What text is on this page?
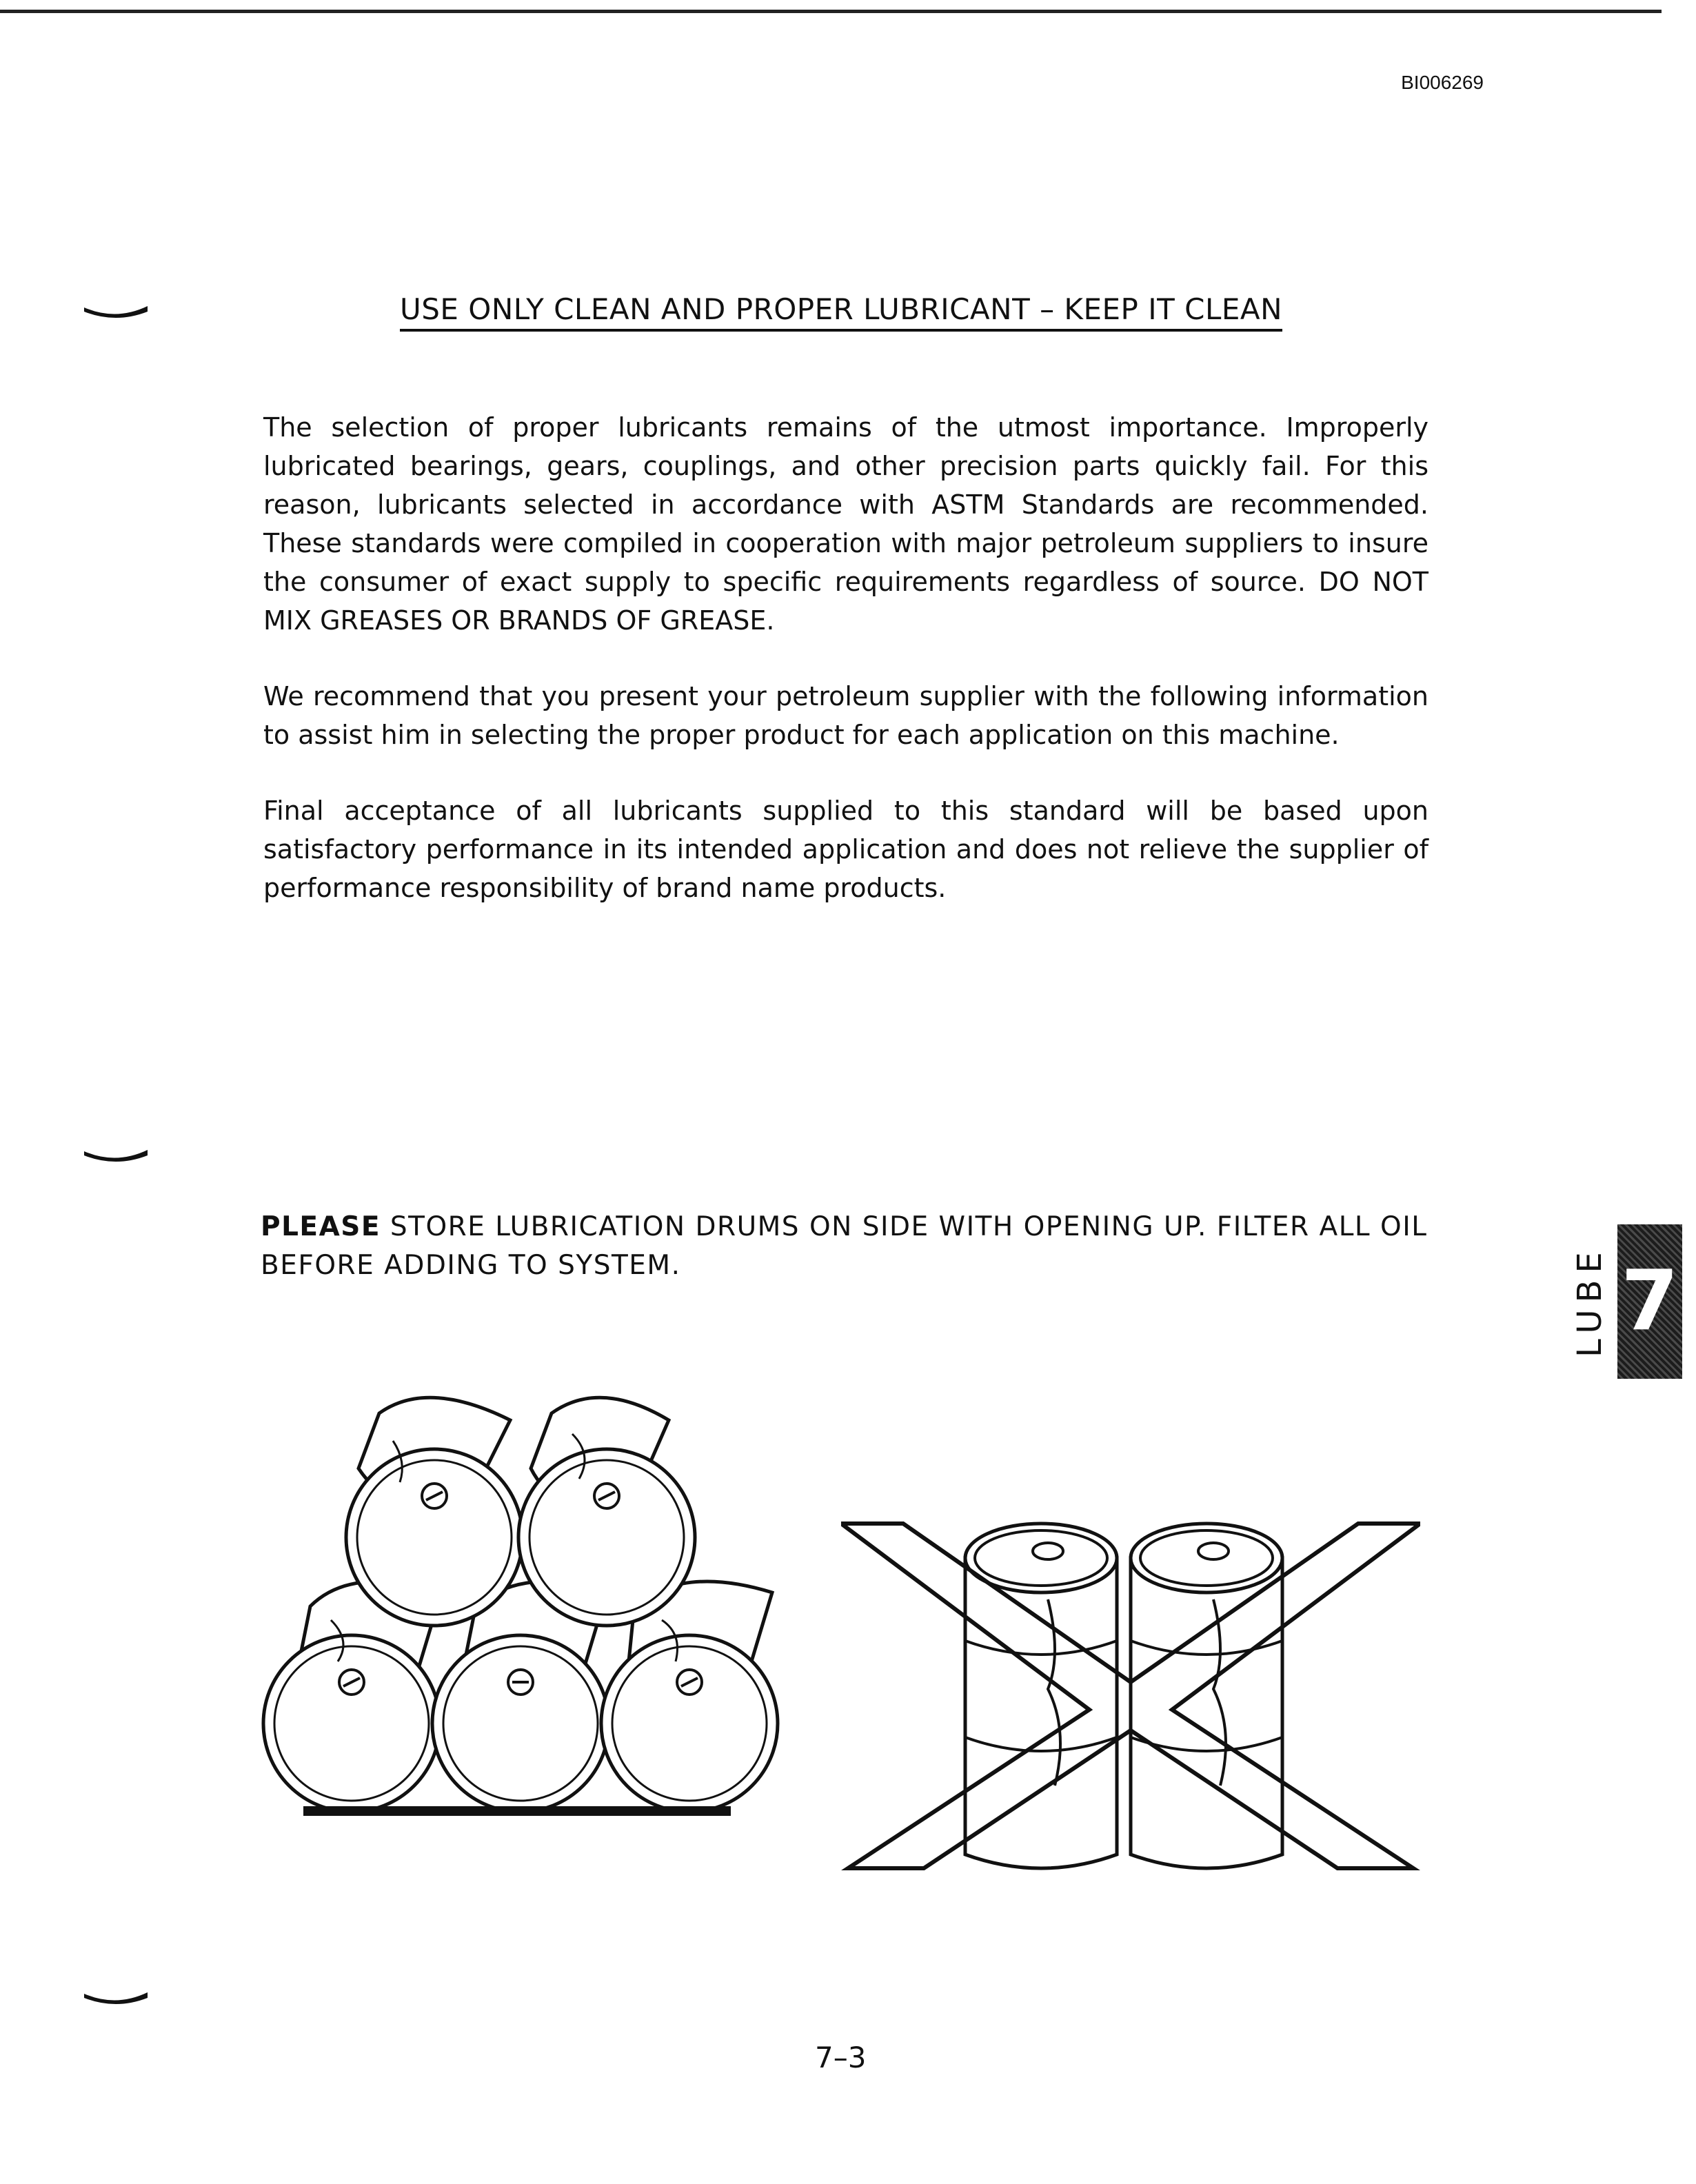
BI006269
USE ONLY CLEAN AND PROPER LUBRICANT – KEEP IT CLEAN
The selection of proper lubricants remains of the utmost importance. Improperly lubricated bearings, gears, couplings, and other precision parts quickly fail. For this reason, lubricants selected in accordance with ASTM Standards are recommended. These standards were compiled in cooperation with major petroleum suppliers to insure the consumer of exact supply to specific requirements regardless of source. DO NOT MIX GREASES OR BRANDS OF GREASE.
We recommend that you present your petroleum supplier with the following information to assist him in selecting the proper product for each application on this machine.
Final acceptance of all lubricants supplied to this standard will be based upon satisfactory performance in its intended application and does not relieve the supplier of performance responsibility of brand name products.
PLEASE STORE LUBRICATION DRUMS ON SIDE WITH OPENING UP. FILTER ALL OIL BEFORE ADDING TO SYSTEM.	LUBE 7
7–3
